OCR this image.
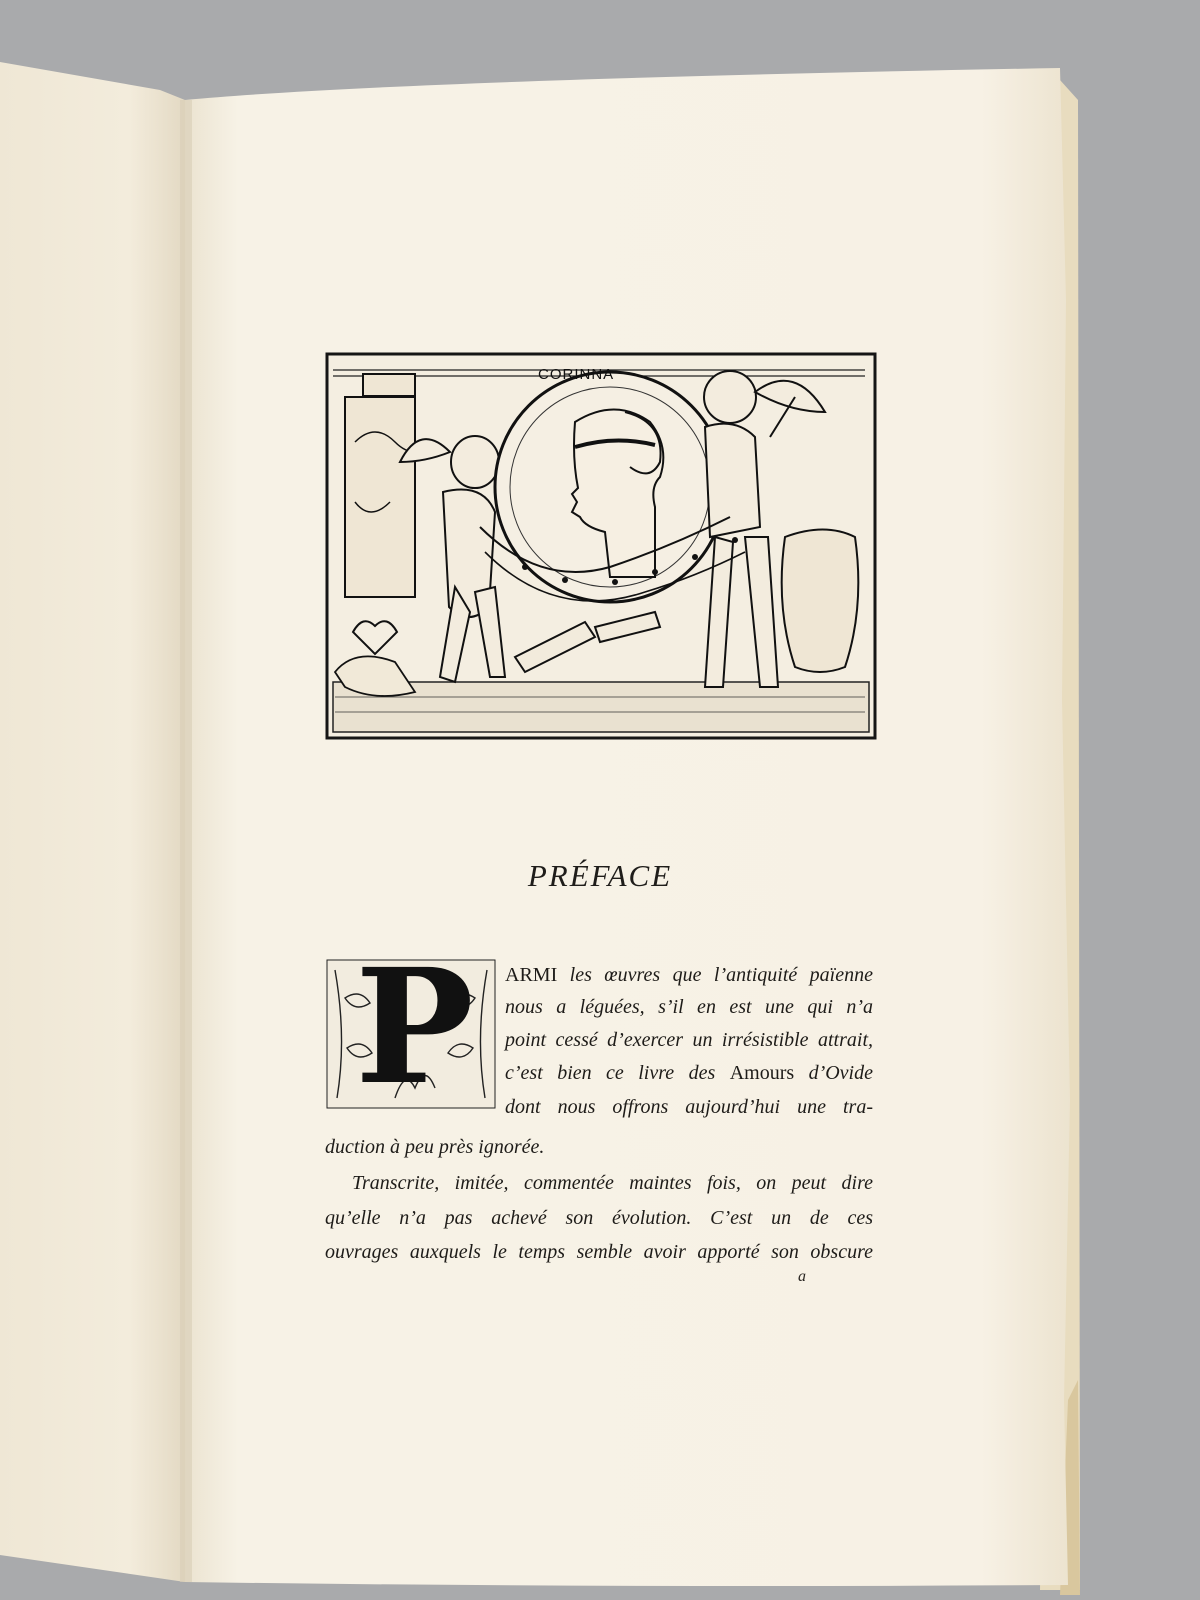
CORINNA
PRÉFACE
P ARMI les œuvres que l’antiquité païenne
nous a léguées, s’il en est une qui n’a
point cessé d’exercer un irrésistible attrait,
c’est bien ce livre des Amours d’Ovide
dont nous offrons aujourd’hui une tra-
duction à peu près ignorée.
Transcrite, imitée, commentée maintes fois, on peut dire
qu’elle n’a pas achevé son évolution. C’est un de ces
ouvrages auxquels le temps semble avoir apporté son obscure
a
